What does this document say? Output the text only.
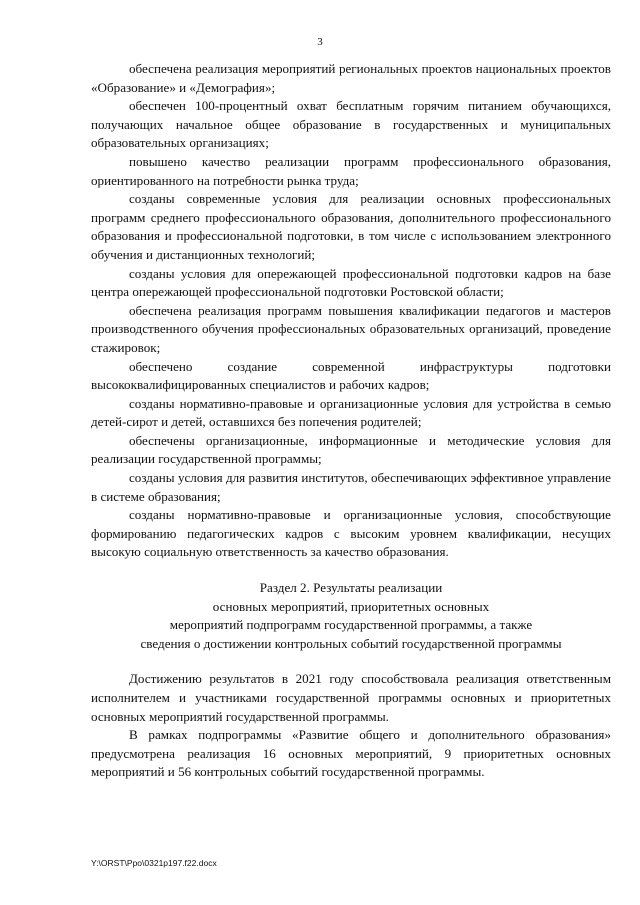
3

обеспечена реализация мероприятий региональных проектов национальных проектов «Образование» и «Демография»;

обеспечен 100-процентный охват бесплатным горячим питанием обучающихся, получающих начальное общее образование в государственных и муниципальных образовательных организациях;

повышено качество реализации программ профессионального образования, ориентированного на потребности рынка труда;

созданы современные условия для реализации основных профессиональных программ среднего профессионального образования, дополнительного профессионального образования и профессиональной подготовки, в том числе с использованием электронного обучения и дистанционных технологий;

созданы условия для опережающей профессиональной подготовки кадров на базе центра опережающей профессиональной подготовки Ростовской области;

обеспечена реализация программ повышения квалификации педагогов и мастеров производственного обучения профессиональных образовательных организаций, проведение стажировок;

обеспечено создание современной инфраструктуры подготовки высококвалифицированных специалистов и рабочих кадров;

созданы нормативно-правовые и организационные условия для устройства в семью детей-сирот и детей, оставшихся без попечения родителей;

обеспечены организационные, информационные и методические условия для реализации государственной программы;

созданы условия для развития институтов, обеспечивающих эффективное управление в системе образования;

созданы нормативно-правовые и организационные условия, способствующие формированию педагогических кадров с высоким уровнем квалификации, несущих высокую социальную ответственность за качество образования.

Раздел 2. Результаты реализации
основных мероприятий, приоритетных основных
мероприятий подпрограмм государственной программы, а также
сведения о достижении контрольных событий государственной программы

Достижению результатов в 2021 году способствовала реализация ответственным исполнителем и участниками государственной программы основных и приоритетных основных мероприятий государственной программы.

В рамках подпрограммы «Развитие общего и дополнительного образования» предусмотрена реализация 16 основных мероприятий, 9 приоритетных основных мероприятий и 56 контрольных событий государственной программы.

Y:\ORST\Ppo\0321p197.f22.docx
